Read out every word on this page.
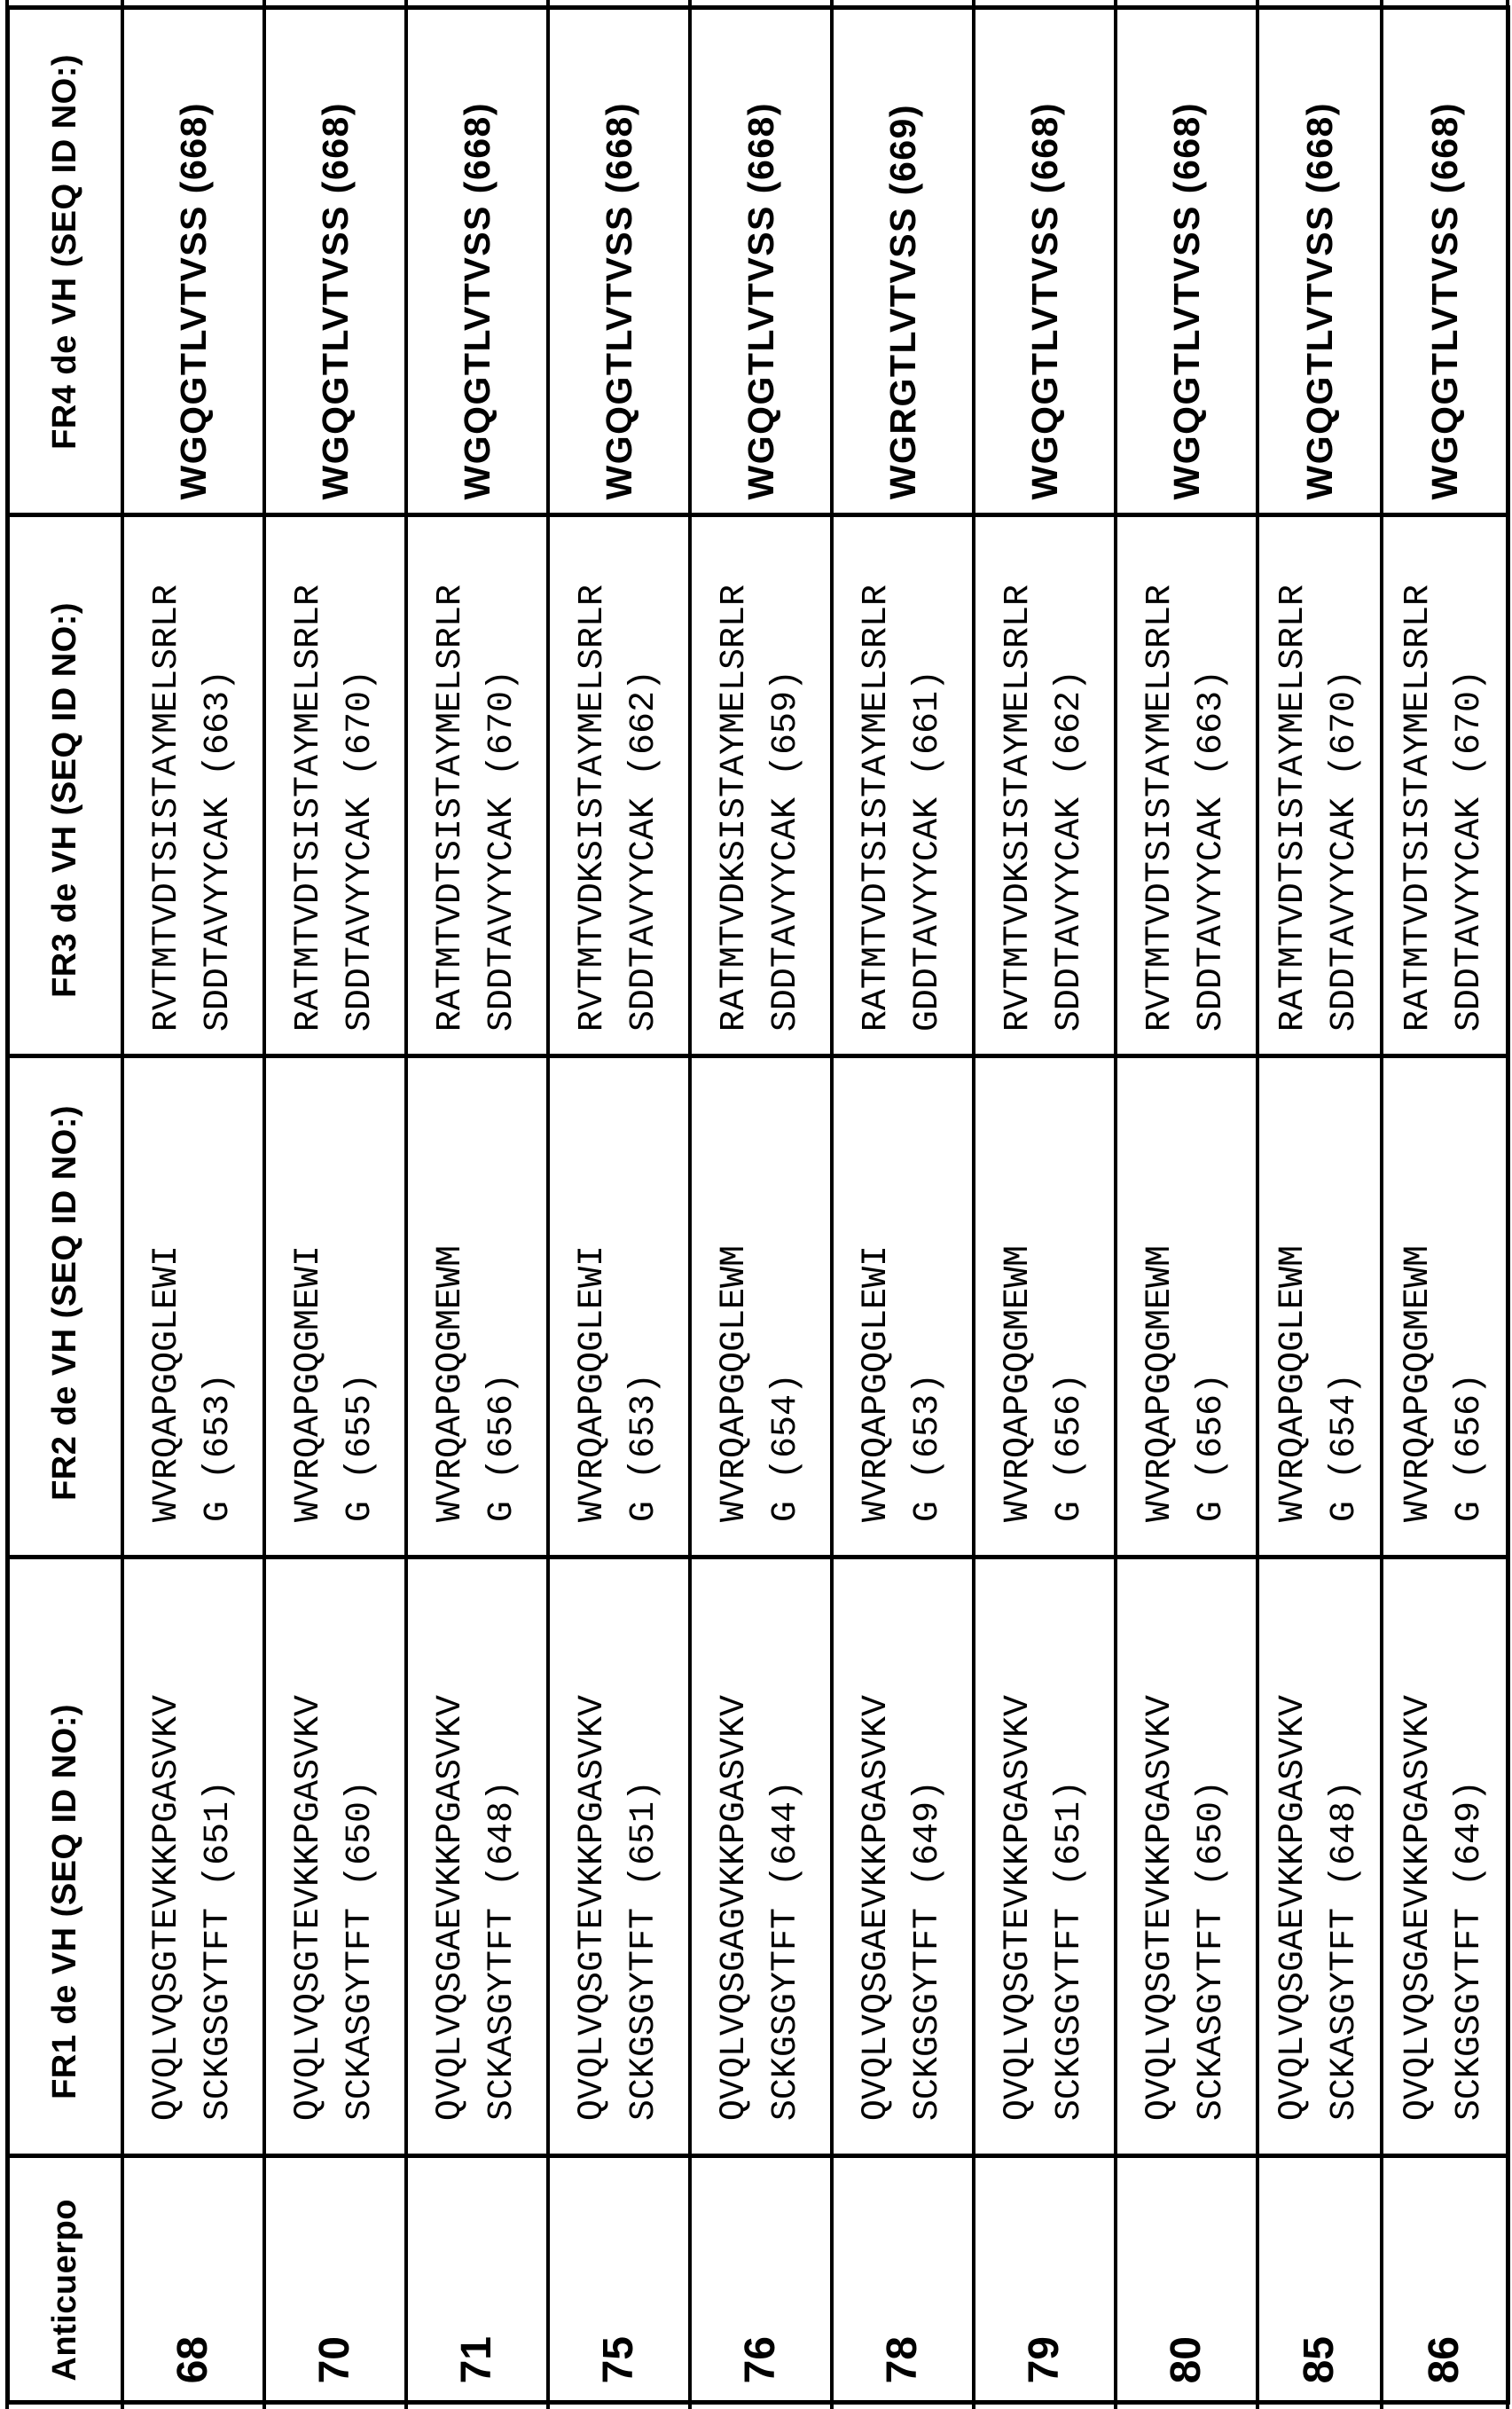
FR4 de VH (SEQ ID NO:)
FR3 de VH (SEQ ID NO:)
FR2 de VH (SEQ ID NO:)
FR1 de VH (SEQ ID NO:)
Anticuerpo
WGQGTLVTVSS (668)
RVTMTVDTSISTAYMELSRLR
SDDTAVYYCAK (663)
WVRQAPGQGLEWI
G (653)
QVQLVQSGTEVKKPGASVKV
SCKGSGYTFT (651)
68
WGQGTLVTVSS (668)
RATMTVDTSISTAYMELSRLR
SDDTAVYYCAK (670)
WVRQAPGQGMEWI
G (655)
QVQLVQSGTEVKKPGASVKV
SCKASGYTFT (650)
70
WGQGTLVTVSS (668)
RATMTVDTSISTAYMELSRLR
SDDTAVYYCAK (670)
WVRQAPGQGMEWM
G (656)
QVQLVQSGAEVKKPGASVKV
SCKASGYTFT (648)
71
WGQGTLVTVSS (668)
RVTMTVDKSISTAYMELSRLR
SDDTAVYYCAK (662)
WVRQAPGQGLEWI
G (653)
QVQLVQSGTEVKKPGASVKV
SCKGSGYTFT (651)
75
WGQGTLVTVSS (668)
RATMTVDKSISTAYMELSRLR
SDDTAVYYCAK (659)
WVRQAPGQGLEWM
G (654)
QVQLVQSGAGVKKPGASVKV
SCKGSGYTFT (644)
76
WGRGTLVTVSS (669)
RATMTVDTSISTAYMELSRLR
GDDTAVYYCAK (661)
WVRQAPGQGLEWI
G (653)
QVQLVQSGAEVKKPGASVKV
SCKGSGYTFT (649)
78
WGQGTLVTVSS (668)
RVTMTVDKSISTAYMELSRLR
SDDTAVYYCAK (662)
WVRQAPGQGMEWM
G (656)
QVQLVQSGTEVKKPGASVKV
SCKGSGYTFT (651)
79
WGQGTLVTVSS (668)
RVTMTVDTSISTAYMELSRLR
SDDTAVYYCAK (663)
WVRQAPGQGMEWM
G (656)
QVQLVQSGTEVKKPGASVKV
SCKASGYTFT (650)
80
WGQGTLVTVSS (668)
RATMTVDTSISTAYMELSRLR
SDDTAVYYCAK (670)
WVRQAPGQGLEWM
G (654)
QVQLVQSGAEVKKPGASVKV
SCKASGYTFT (648)
85
WGQGTLVTVSS (668)
RATMTVDTSISTAYMELSRLR
SDDTAVYYCAK (670)
WVRQAPGQGMEWM
G (656)
QVQLVQSGAEVKKPGASVKV
SCKGSGYTFT (649)
86
